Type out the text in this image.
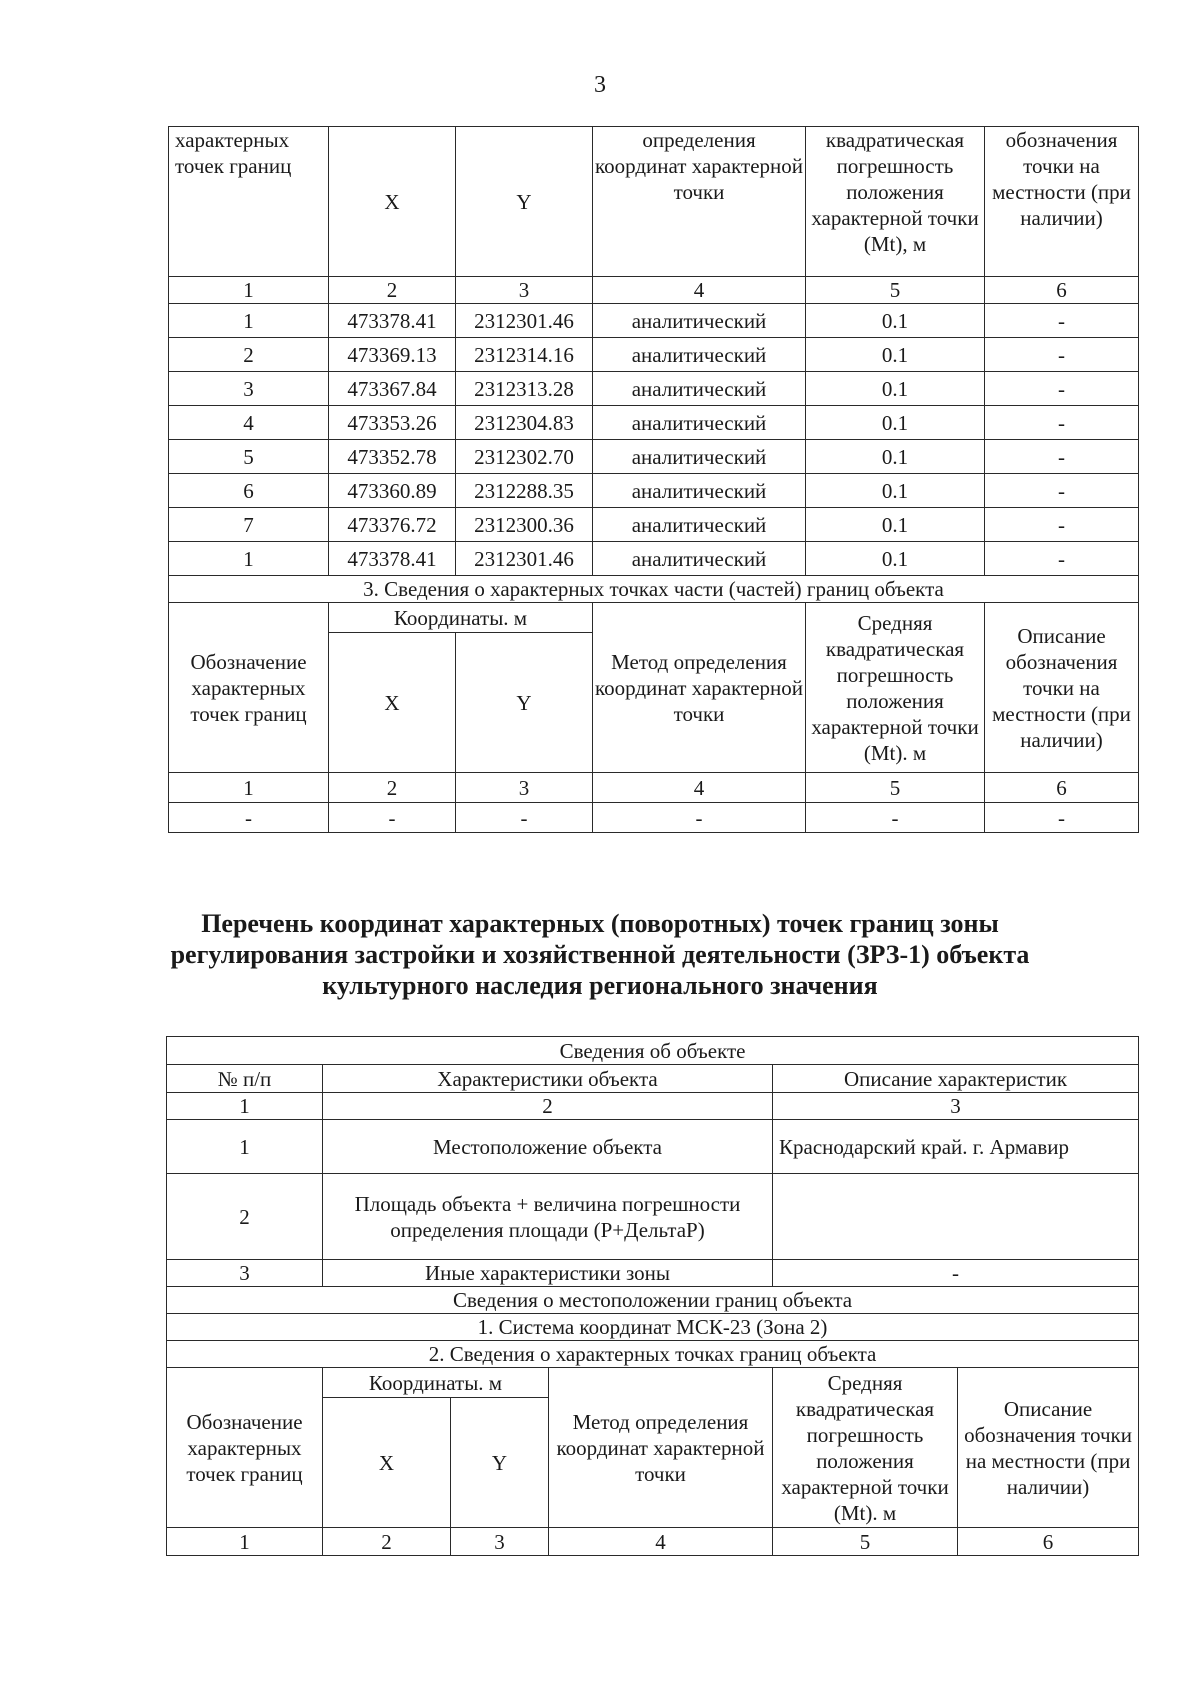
3
характерных точек границ	X	Y	определения координат характерной точки	квадратическая погрешность положения характерной точки (Mt), м	обозначения точки на местности (при наличии)
1	2	3	4	5	6
1	473378.41	2312301.46	аналитический	0.1	-
2	473369.13	2312314.16	аналитический	0.1	-
3	473367.84	2312313.28	аналитический	0.1	-
4	473353.26	2312304.83	аналитический	0.1	-
5	473352.78	2312302.70	аналитический	0.1	-
6	473360.89	2312288.35	аналитический	0.1	-
7	473376.72	2312300.36	аналитический	0.1	-
1	473378.41	2312301.46	аналитический	0.1	-
3. Сведения о характерных точках части (частей) границ объекта					
Обозначение характерных точек границ	Координаты. м		Метод определения координат характерной точки	Средняя квадратическая погрешность положения характерной точки (Mt). м	Описание обозначения точки на местности (при наличии)
	X	Y			
1	2	3	4	5	6
-	-	-	-	-	-
Перечень координат характерных (поворотных) точек границ зоны
регулирования застройки и хозяйственной деятельности (ЗРЗ-1) объекта
культурного наследия регионального значения
Сведения об объекте					
№ п/п	Характеристики объекта			Описание характеристик	
1	2			3	
1	Местоположение объекта			Краснодарский край. г. Армавир	
2	Площадь объекта + величина погрешности определения площади (P+ДельтаP)				
3	Иные характеристики зоны			-	
Сведения о местоположении границ объекта					
1. Система координат МСК-23 (Зона 2)					
2. Сведения о характерных точках границ объекта					
Обозначение характерных точек границ	Координаты. м		Метод определения координат характерной точки	Средняя квадратическая погрешность положения характерной точки (Mt). м	Описание обозначения точки на местности (при наличии)
	X	Y			
1	2	3	4	5	6
